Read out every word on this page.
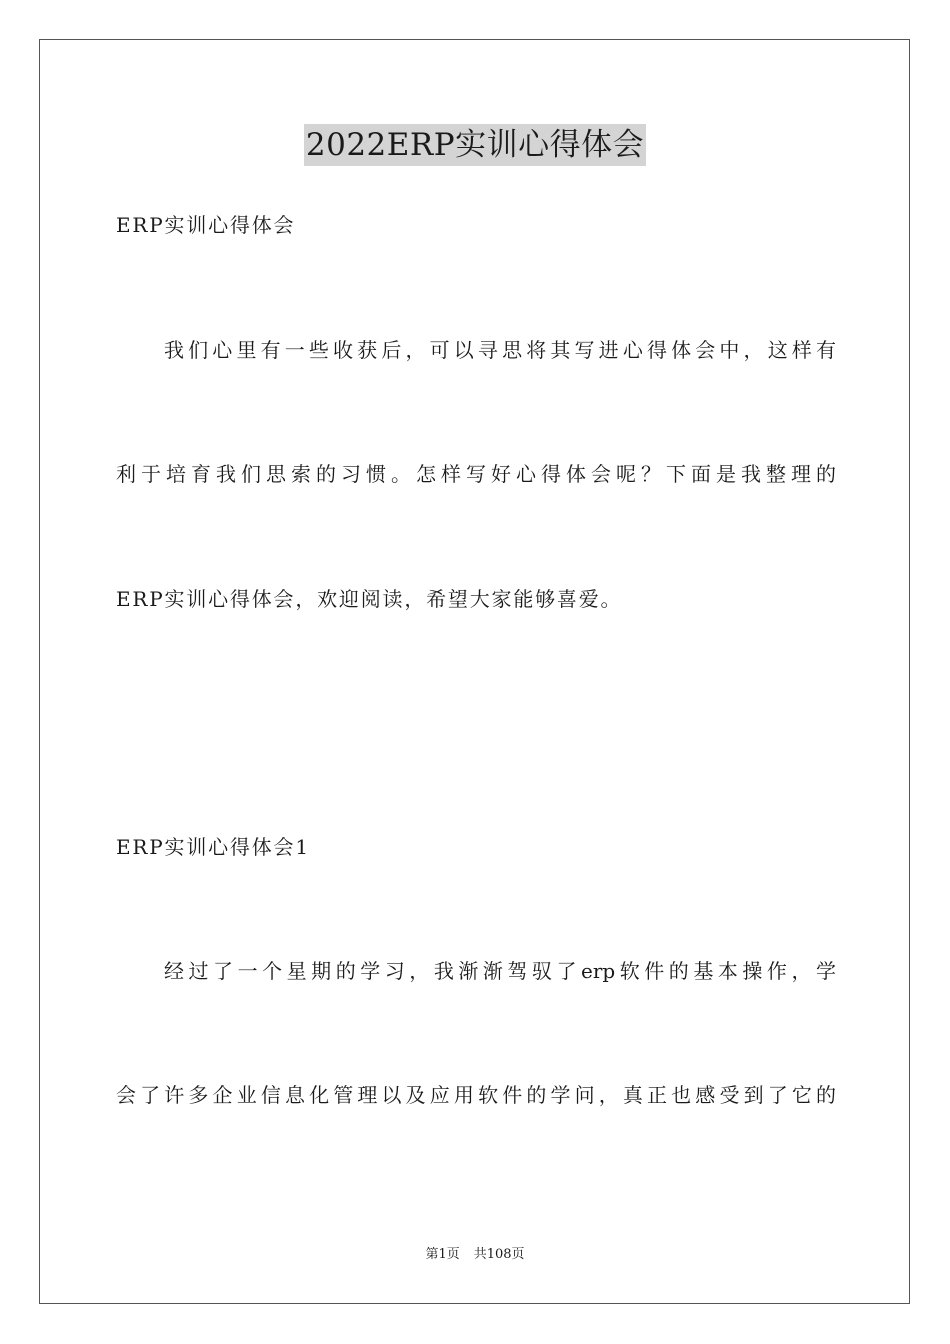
2022ERP实训心得体会

ERP实训心得体会

我们心里有一些收获后，可以寻思将其写进心得体会中，这样有

利于培育我们思索的习惯。怎样写好心得体会呢？下面是我整理的

ERP实训心得体会，欢迎阅读，希望大家能够喜爱。

ERP实训心得体会1

经过了一个星期的学习，我渐渐驾驭了erp软件的基本操作，学

会了许多企业信息化管理以及应用软件的学问，真正也感受到了它的

第1页 共108页
